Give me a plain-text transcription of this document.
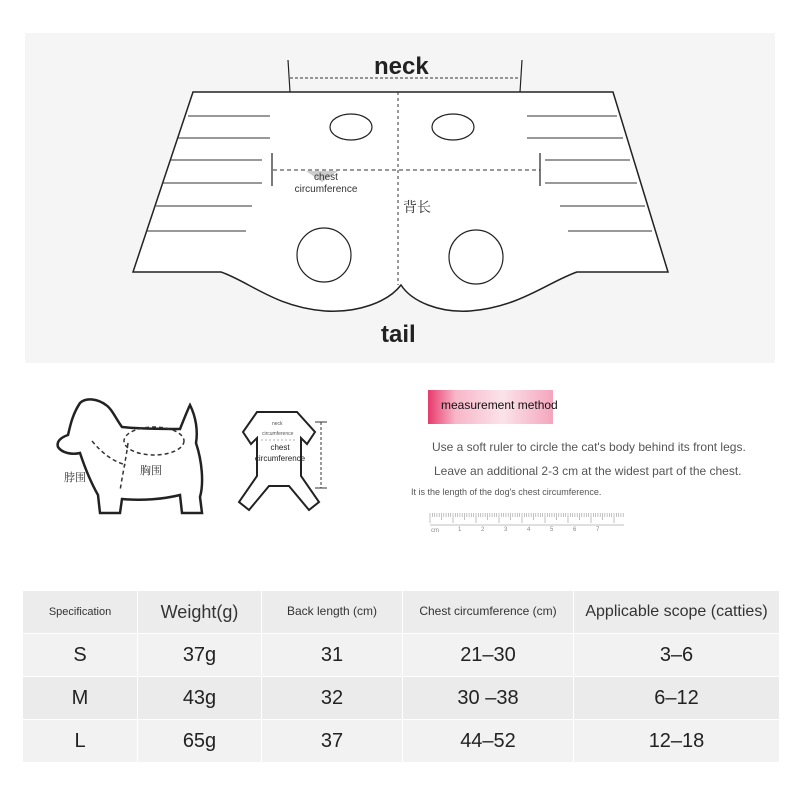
neck
chest circumference
背长
tail
脖围
胸围
neck
circumference
chest circumference
measurement method
Use a soft ruler to circle the cat's body behind its front legs.
Leave an additional 2-3 cm at the widest part of the chest.
It is the length of the dog's chest circumference.
cm	1	2	3	4	5	6	7
Specification	Weight(g)	Back length (cm)	Chest circumference (cm)	Applicable scope (catties)
S	37g	31	21–30	3–6
M	43g	32	30 –38	6–12
L	65g	37	44–52	12–18
